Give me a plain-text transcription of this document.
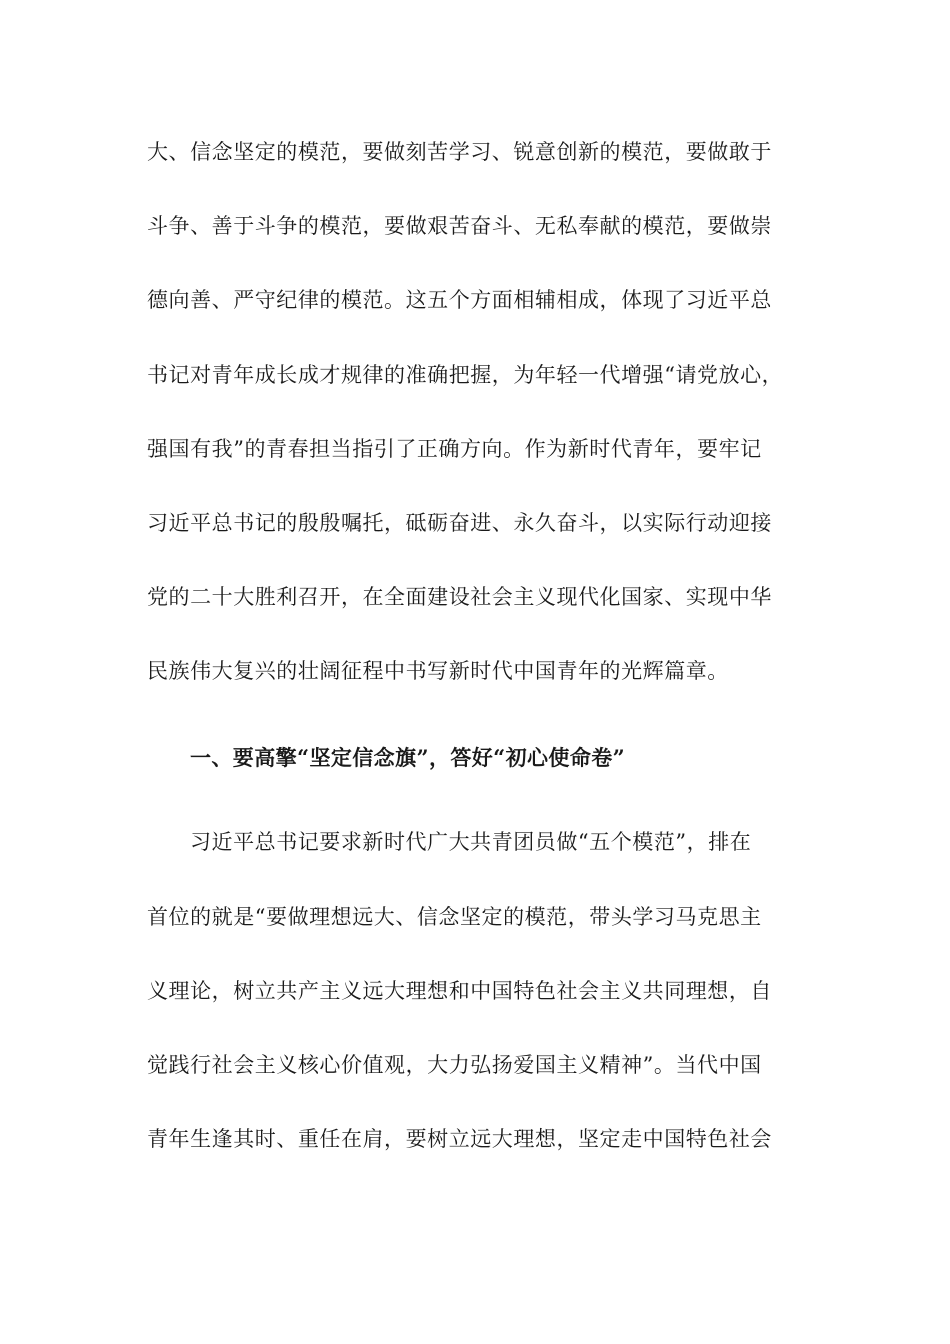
大、信念坚定的模范，要做刻苦学习、锐意创新的模范，要做敢于
斗争、善于斗争的模范，要做艰苦奋斗、无私奉献的模范，要做崇
德向善、严守纪律的模范。这五个方面相辅相成，体现了习近平总
书记对青年成长成才规律的准确把握，为年轻一代增强“请党放心，
强国有我”的青春担当指引了正确方向。作为新时代青年，要牢记
习近平总书记的殷殷嘱托，砥砺奋进、永久奋斗，以实际行动迎接
党的二十大胜利召开，在全面建设社会主义现代化国家、实现中华
民族伟大复兴的壮阔征程中书写新时代中国青年的光辉篇章。
一、要高擎“坚定信念旗”，答好“初心使命卷”
习近平总书记要求新时代广大共青团员做“五个模范”，排在
首位的就是“要做理想远大、信念坚定的模范，带头学习马克思主
义理论，树立共产主义远大理想和中国特色社会主义共同理想，自
觉践行社会主义核心价值观，大力弘扬爱国主义精神”。当代中国
青年生逢其时、重任在肩，要树立远大理想，坚定走中国特色社会
